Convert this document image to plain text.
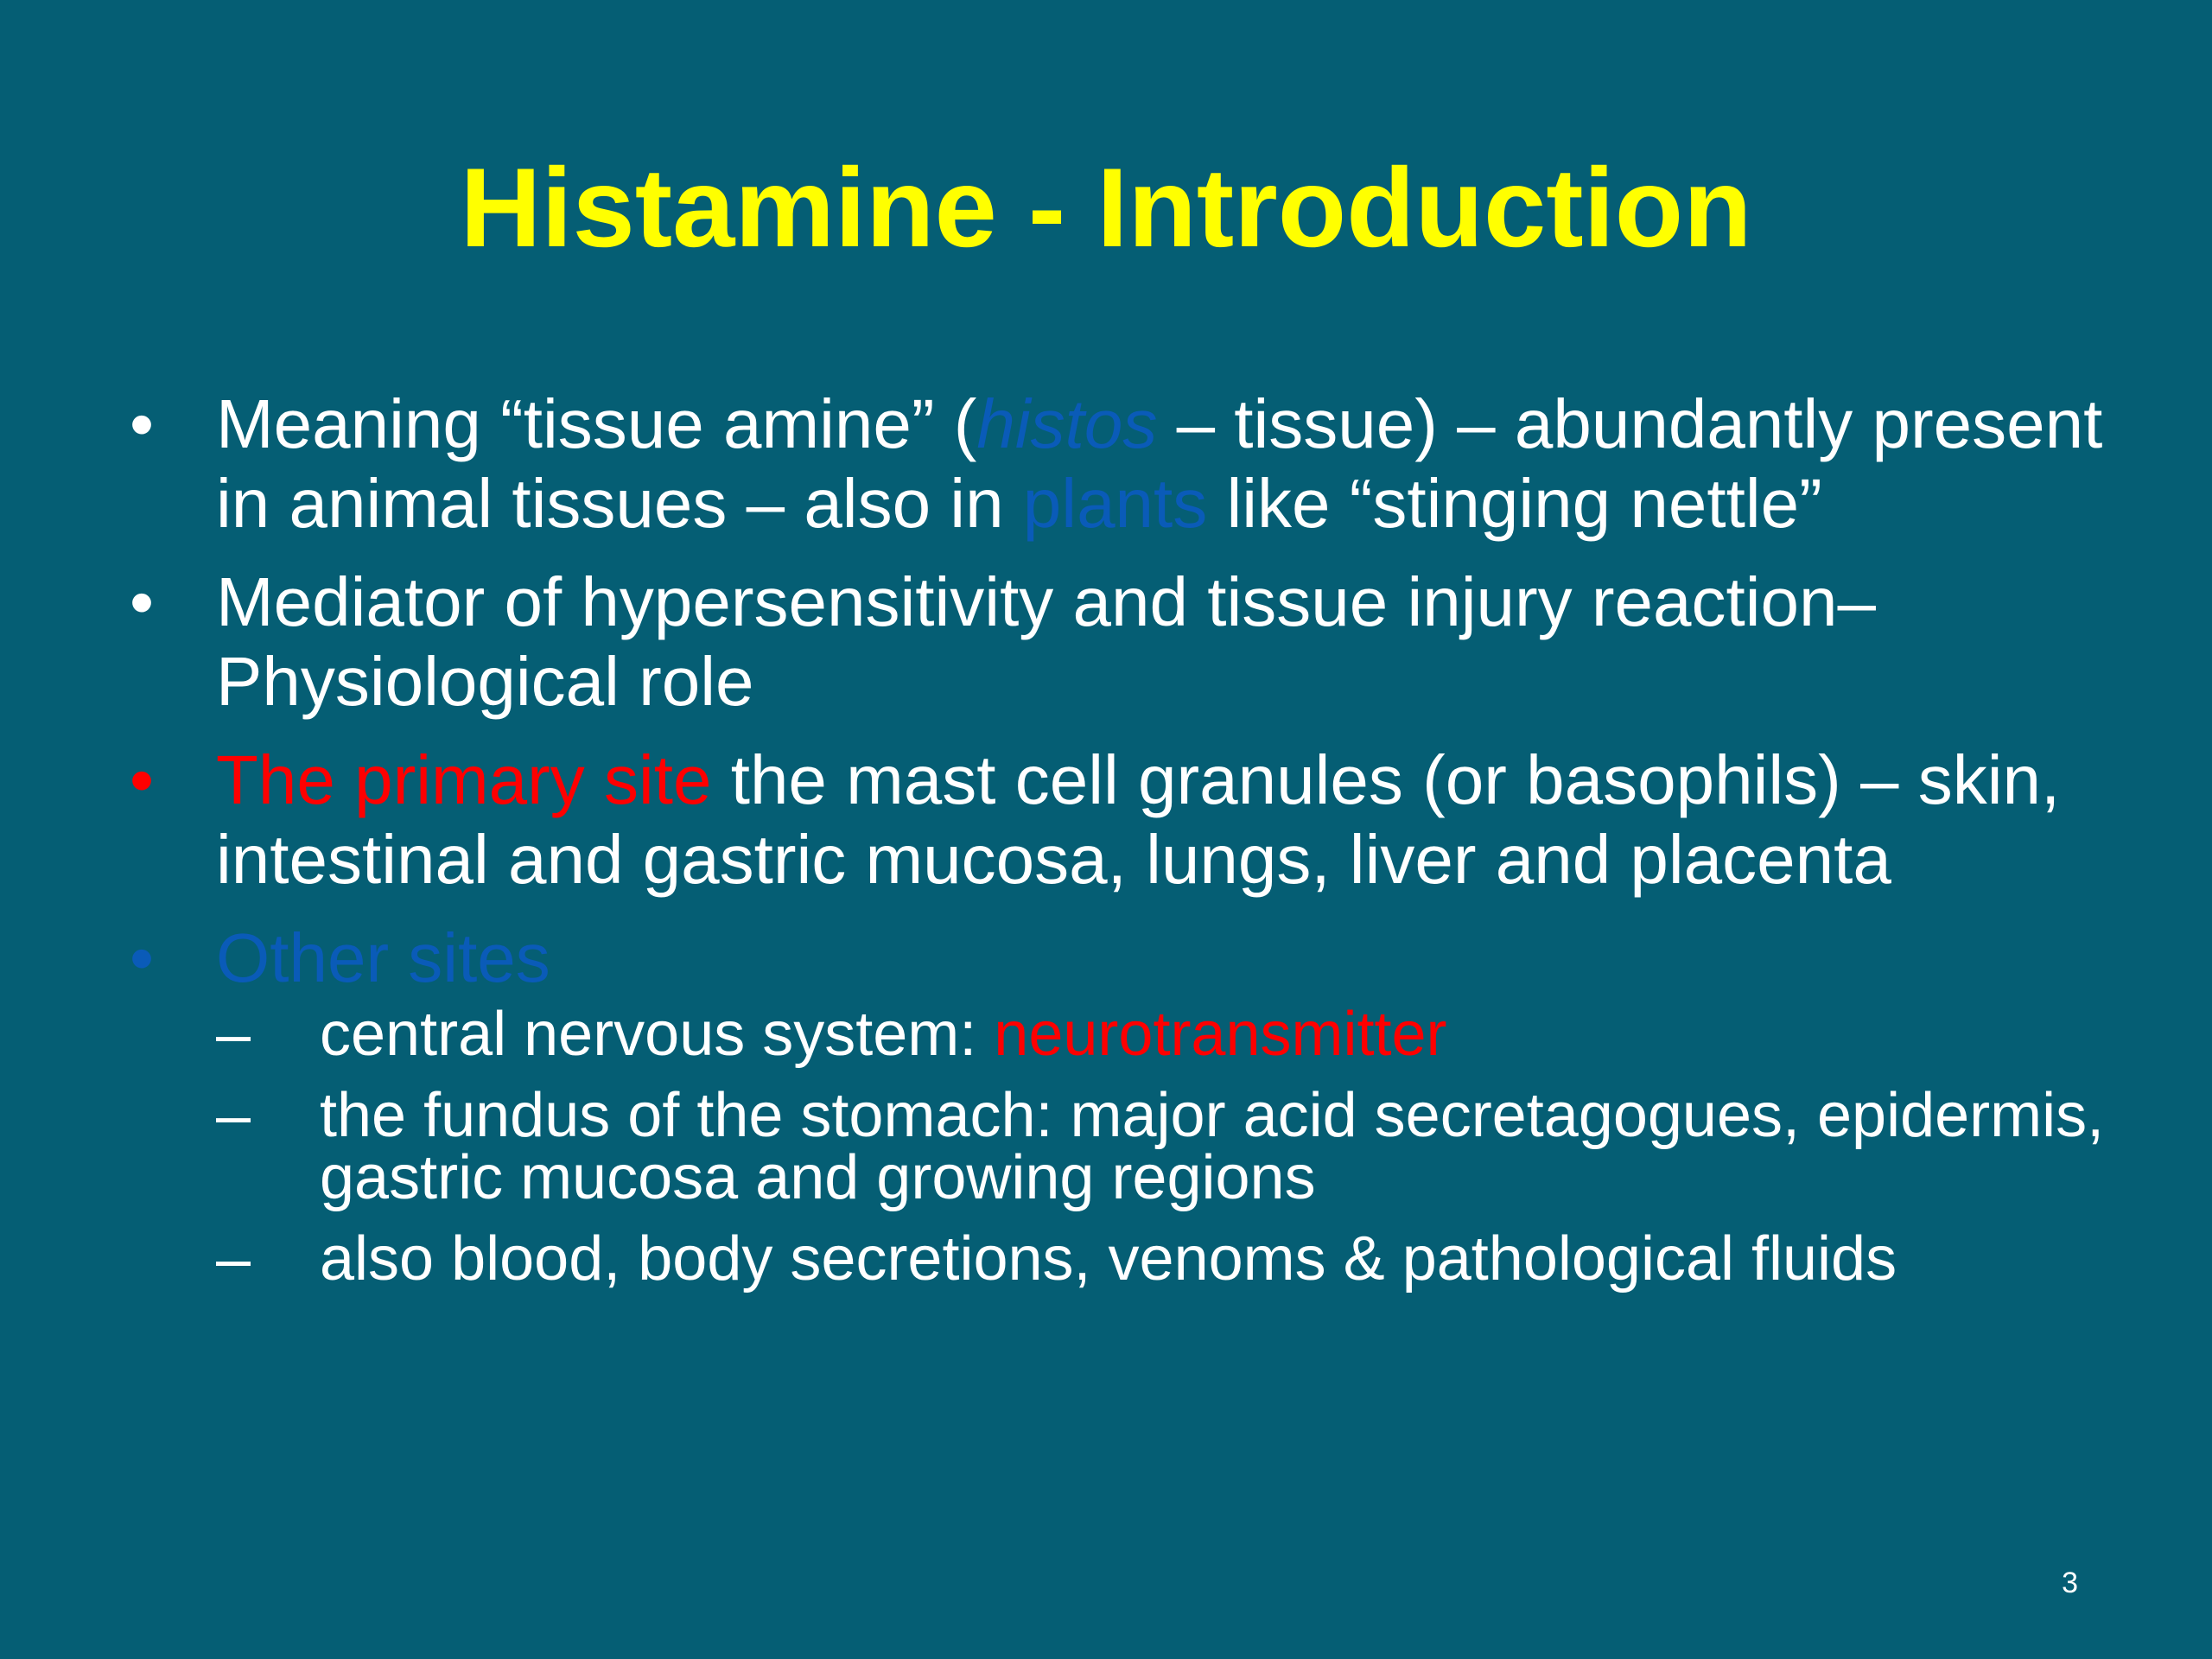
Histamine - Introduction
• Meaning “tissue amine” (histos – tissue) – abundantly present in animal tissues – also in plants like “stinging nettle”
• Mediator of hypersensitivity and tissue injury reaction– Physiological role
• The primary site the mast cell granules (or basophils) – skin, intestinal and gastric mucosa, lungs, liver and placenta
• Other sites
–	central nervous system: neurotransmitter
–	the fundus of the stomach: major acid secretagogues, epidermis, gastric mucosa and growing regions
–	also blood, body secretions, venoms & pathological fluids
3
